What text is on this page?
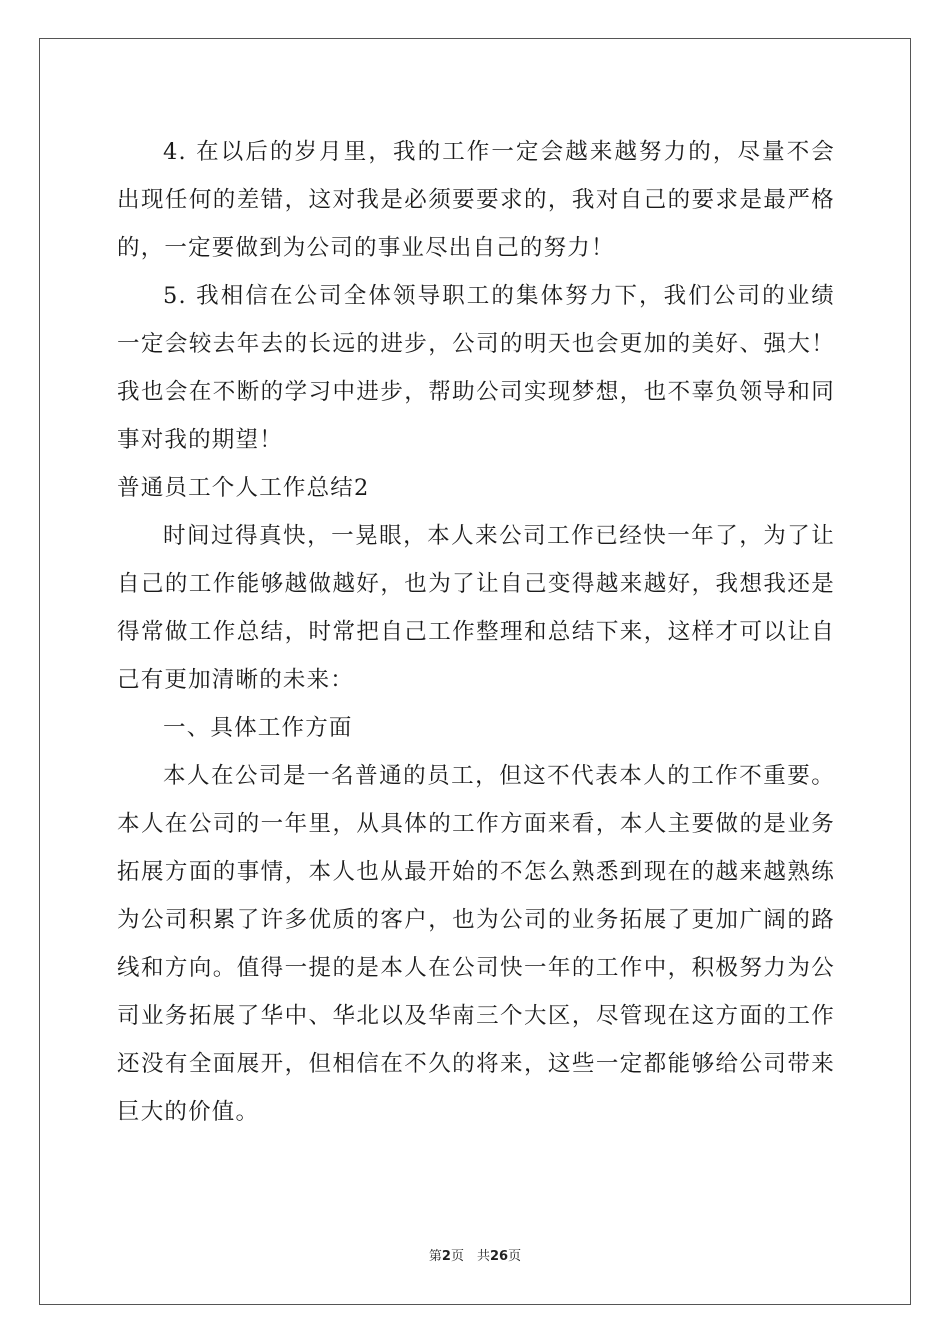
4. 在以后的岁月里，我的工作一定会越来越努力的，尽量不会出现任何的差错，这对我是必须要要求的，我对自己的要求是最严格的，一定要做到为公司的事业尽出自己的努力！

5. 我相信在公司全体领导职工的集体努力下，我们公司的业绩一定会较去年去的长远的进步，公司的明天也会更加的美好、强大！我也会在不断的学习中进步，帮助公司实现梦想，也不辜负领导和同事对我的期望！

普通员工个人工作总结2

时间过得真快，一晃眼，本人来公司工作已经快一年了，为了让自己的工作能够越做越好，也为了让自己变得越来越好，我想我还是得常做工作总结，时常把自己工作整理和总结下来，这样才可以让自己有更加清晰的未来：

一、具体工作方面

本人在公司是一名普通的员工，但这不代表本人的工作不重要。本人在公司的一年里，从具体的工作方面来看，本人主要做的是业务拓展方面的事情，本人也从最开始的不怎么熟悉到现在的越来越熟练为公司积累了许多优质的客户，也为公司的业务拓展了更加广阔的路线和方向。值得一提的是本人在公司快一年的工作中，积极努力为公司业务拓展了华中、华北以及华南三个大区，尽管现在这方面的工作还没有全面展开，但相信在不久的将来，这些一定都能够给公司带来巨大的价值。

第2页　共26页
